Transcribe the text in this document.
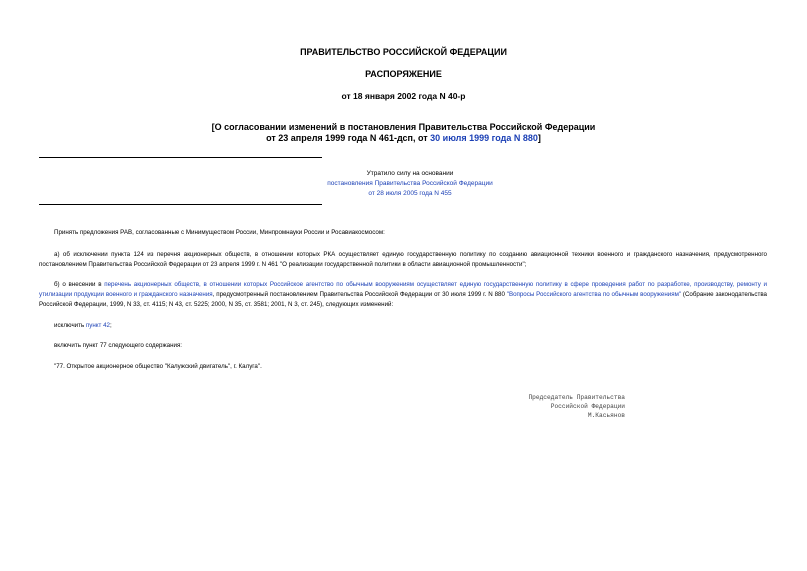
ПРАВИТЕЛЬСТВО РОССИЙСКОЙ ФЕДЕРАЦИИ
РАСПОРЯЖЕНИЕ
от 18 января 2002 года N 40-р
[О согласовании изменений в постановления Правительства Российской Федерации
от 23 апреля 1999 года N 461-дсп, от 30 июля 1999 года N 880]
Утратило силу на основании
постановления Правительства Российской Федерации
от 28 июля 2005 года N 455
Принять предложения РАВ, согласованные с Минимуществом России, Минпромнауки России и Росавиакосмосом:
а) об исключении пункта 124 из перечня акционерных обществ, в отношении которых РКА осуществляет единую государственную политику по созданию авиационной техники военного и гражданского назначения, предусмотренного постановлением Правительства Российской Федерации от 23 апреля 1999 г. N 461 "О реализации государственной политики в области авиационной промышленности";
б) о внесении в перечень акционерных обществ, в отношении которых Российское агентство по обычным вооружениям осуществляет единую государственную политику в сфере проведения работ по разработке, производству, ремонту и утилизации продукции военного и гражданского назначения, предусмотренный постановлением Правительства Российской Федерации от 30 июля 1999 г. N 880 "Вопросы Российского агентства по обычным вооружениям" (Собрание законодательства Российской Федерации, 1999, N 33, ст. 4115; N 43, ст. 5225; 2000, N 35, ст. 3581; 2001, N 3, ст. 245), следующих изменений:
исключить пункт 42;
включить пункт 77 следующего содержания:
"77. Открытое акционерное общество "Калужский двигатель", г. Калуга".
Председатель Правительства
Российской Федерации
М.Касьянов
